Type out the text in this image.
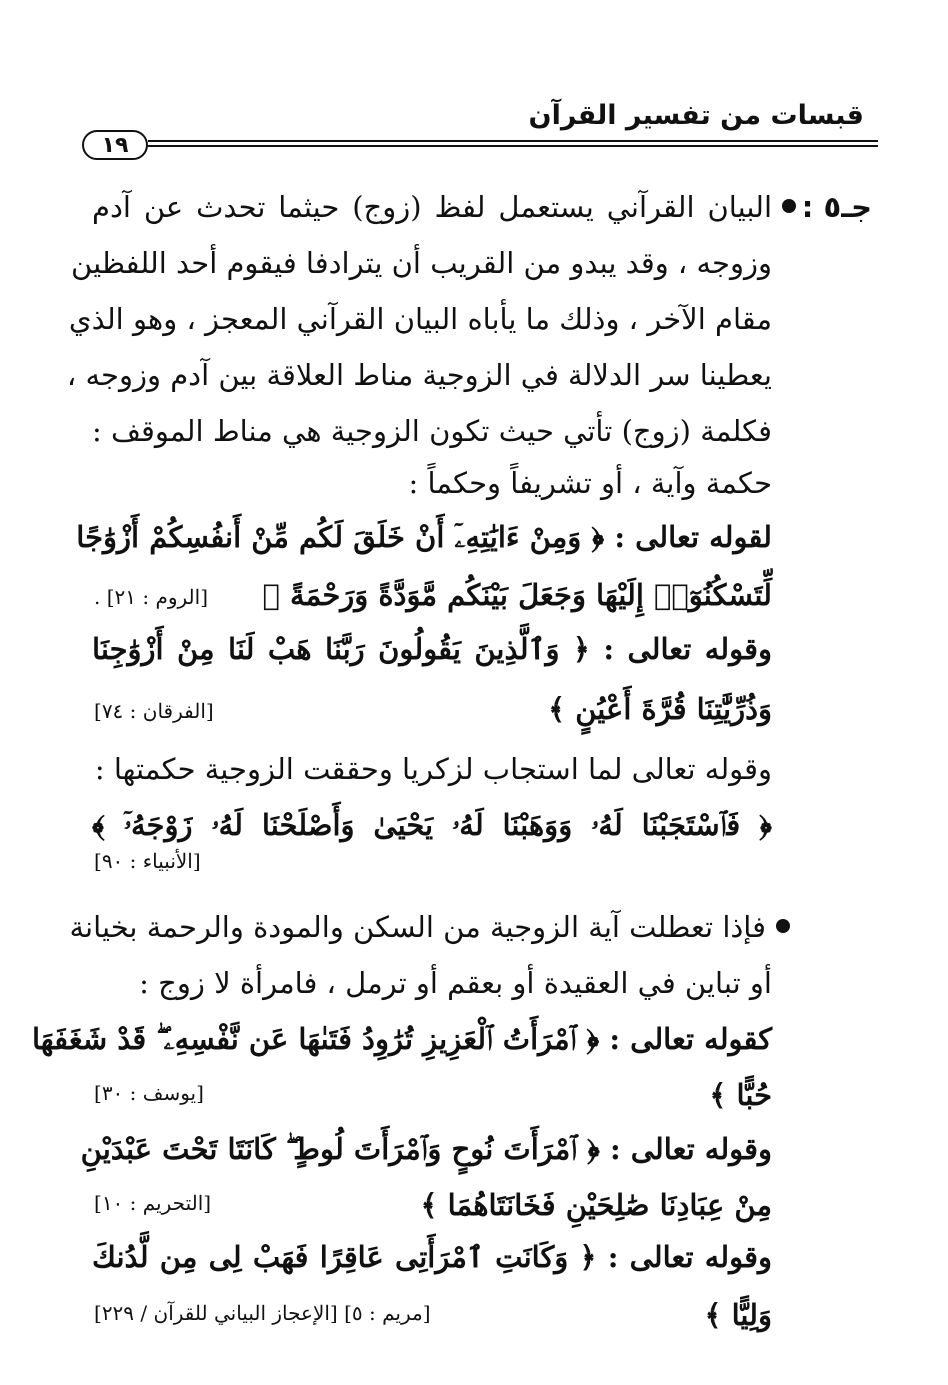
قبسات من تفسير القرآن
١٩
جـ٥ :
البيان القرآني يستعمل لفظ (زوج) حيثما تحدث عن آدم
وزوجه ، وقد يبدو من القريب أن يترادفا فيقوم أحد اللفظين
مقام الآخر ، وذلك ما يأباه البيان القرآني المعجز ، وهو الذي
يعطينا سر الدلالة في الزوجية مناط العلاقة بين آدم وزوجه ،
فكلمة (زوج) تأتي حيث تكون الزوجية هي مناط الموقف :
حكمة وآية ، أو تشريفاً وحكماً :
لقوله تعالى : ﴿ وَمِنْ ءَايَٰتِهِۦٓ أَنْ خَلَقَ لَكُم مِّنْ أَنفُسِكُمْ أَزْوَٰجًا
لِّتَسْكُنُوٓا۟ إِلَيْهَا وَجَعَلَ بَيْنَكُم مَّوَدَّةً وَرَحْمَةً ﴾
[الروم : ٢١] .
وقوله تعالى : ﴿ وَٱلَّذِينَ يَقُولُونَ رَبَّنَا هَبْ لَنَا مِنْ أَزْوَٰجِنَا
وَذُرِّيَّٰتِنَا قُرَّةَ أَعْيُنٍ ﴾
[الفرقان : ٧٤]
وقوله تعالى لما استجاب لزكريا وحققت الزوجية حكمتها :
﴿ فَٱسْتَجَبْنَا لَهُۥ وَوَهَبْنَا لَهُۥ يَحْيَىٰ وَأَصْلَحْنَا لَهُۥ زَوْجَهُۥٓ ﴾
[الأنبياء : ٩٠]
فإذا تعطلت آية الزوجية من السكن والمودة والرحمة بخيانة
أو تباين في العقيدة أو بعقم أو ترمل ، فامرأة لا زوج :
كقوله تعالى : ﴿ ٱمْرَأَتُ ٱلْعَزِيزِ تُرَٰوِدُ فَتَىٰهَا عَن نَّفْسِهِۦ ۖ قَدْ شَغَفَهَا
حُبًّا ﴾
[يوسف : ٣٠]
وقوله تعالى : ﴿ ٱمْرَأَتَ نُوحٍ وَٱمْرَأَتَ لُوطٍ ۖ كَانَتَا تَحْتَ عَبْدَيْنِ
مِنْ عِبَادِنَا صَٰلِحَيْنِ فَخَانَتَاهُمَا ﴾
[التحريم : ١٠]
وقوله تعالى : ﴿ وَكَانَتِ ٱمْرَأَتِى عَاقِرًا فَهَبْ لِى مِن لَّدُنكَ
وَلِيًّا ﴾
[مريم : ٥] [الإعجاز البياني للقرآن / ٢٢٩]
